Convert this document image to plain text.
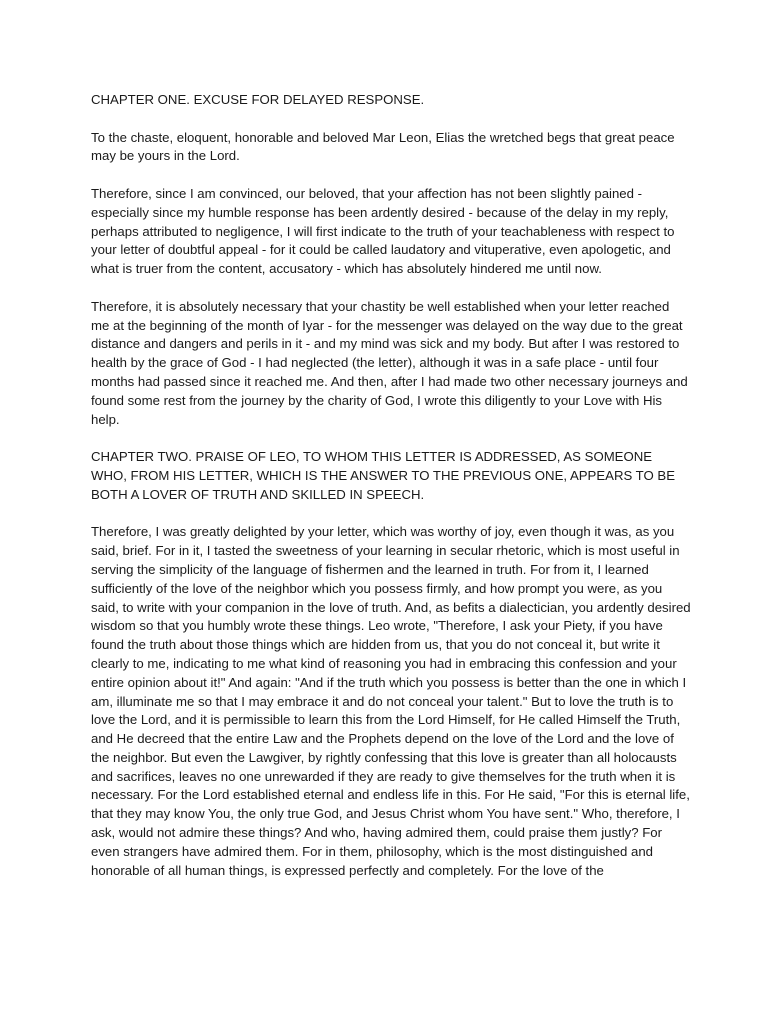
CHAPTER ONE. EXCUSE FOR DELAYED RESPONSE.

To the chaste, eloquent, honorable and beloved Mar Leon, Elias the wretched begs that great peace may be yours in the Lord.

Therefore, since I am convinced, our beloved, that your affection has not been slightly pained - especially since my humble response has been ardently desired - because of the delay in my reply, perhaps attributed to negligence, I will first indicate to the truth of your teachableness with respect to your letter of doubtful appeal - for it could be called laudatory and vituperative, even apologetic, and what is truer from the content, accusatory - which has absolutely hindered me until now.

Therefore, it is absolutely necessary that your chastity be well established when your letter reached me at the beginning of the month of Iyar - for the messenger was delayed on the way due to the great distance and dangers and perils in it - and my mind was sick and my body. But after I was restored to health by the grace of God - I had neglected (the letter), although it was in a safe place - until four months had passed since it reached me. And then, after I had made two other necessary journeys and found some rest from the journey by the charity of God, I wrote this diligently to your Love with His help.

CHAPTER TWO. PRAISE OF LEO, TO WHOM THIS LETTER IS ADDRESSED, AS SOMEONE WHO, FROM HIS LETTER, WHICH IS THE ANSWER TO THE PREVIOUS ONE, APPEARS TO BE BOTH A LOVER OF TRUTH AND SKILLED IN SPEECH.

Therefore, I was greatly delighted by your letter, which was worthy of joy, even though it was, as you said, brief. For in it, I tasted the sweetness of your learning in secular rhetoric, which is most useful in serving the simplicity of the language of fishermen and the learned in truth. For from it, I learned sufficiently of the love of the neighbor which you possess firmly, and how prompt you were, as you said, to write with your companion in the love of truth. And, as befits a dialectician, you ardently desired wisdom so that you humbly wrote these things. Leo wrote, "Therefore, I ask your Piety, if you have found the truth about those things which are hidden from us, that you do not conceal it, but write it clearly to me, indicating to me what kind of reasoning you had in embracing this confession and your entire opinion about it!" And again: "And if the truth which you possess is better than the one in which I am, illuminate me so that I may embrace it and do not conceal your talent." But to love the truth is to love the Lord, and it is permissible to learn this from the Lord Himself, for He called Himself the Truth, and He decreed that the entire Law and the Prophets depend on the love of the Lord and the love of the neighbor. But even the Lawgiver, by rightly confessing that this love is greater than all holocausts and sacrifices, leaves no one unrewarded if they are ready to give themselves for the truth when it is necessary. For the Lord established eternal and endless life in this. For He said, "For this is eternal life, that they may know You, the only true God, and Jesus Christ whom You have sent." Who, therefore, I ask, would not admire these things? And who, having admired them, could praise them justly? For even strangers have admired them. For in them, philosophy, which is the most distinguished and honorable of all human things, is expressed perfectly and completely. For the love of the
